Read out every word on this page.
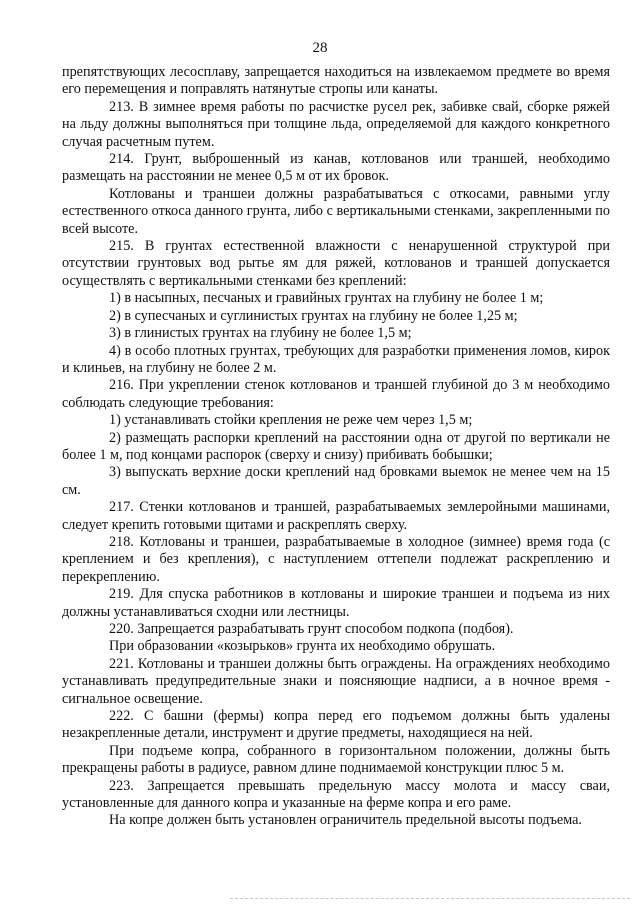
28

препятствующих лесосплаву, запрещается находиться на извлекаемом предмете во время его перемещения и поправлять натянутые стропы или канаты.

213. В зимнее время работы по расчистке русел рек, забивке свай, сборке ряжей на льду должны выполняться при толщине льда, определяемой для каждого конкретного случая расчетным путем.

214. Грунт, выброшенный из канав, котлованов или траншей, необходимо размещать на расстоянии не менее 0,5 м от их бровок.

Котлованы и траншеи должны разрабатываться с откосами, равными углу естественного откоса данного грунта, либо с вертикальными стенками, закрепленными по всей высоте.

215. В грунтах естественной влажности с ненарушенной структурой при отсутствии грунтовых вод рытье ям для ряжей, котлованов и траншей допускается осуществлять с вертикальными стенками без креплений:

1) в насыпных, песчаных и гравийных грунтах на глубину не более 1 м;

2) в супесчаных и суглинистых грунтах на глубину не более 1,25 м;

3) в глинистых грунтах на глубину не более 1,5 м;

4) в особо плотных грунтах, требующих для разработки применения ломов, кирок и клиньев, на глубину не более 2 м.

216. При укреплении стенок котлованов и траншей глубиной до 3 м необходимо соблюдать следующие требования:

1) устанавливать стойки крепления не реже чем через 1,5 м;

2) размещать распорки креплений на расстоянии одна от другой по вертикали не более 1 м, под концами распорок (сверху и снизу) прибивать бобышки;

3) выпускать верхние доски креплений над бровками выемок не менее чем на 15 см.

217. Стенки котлованов и траншей, разрабатываемых землеройными машинами, следует крепить готовыми щитами и раскреплять сверху.

218. Котлованы и траншеи, разрабатываемые в холодное (зимнее) время года (с креплением и без крепления), с наступлением оттепели подлежат раскреплению и перекреплению.

219. Для спуска работников в котлованы и широкие траншеи и подъема из них должны устанавливаться сходни или лестницы.

220. Запрещается разрабатывать грунт способом подкопа (подбоя).

При образовании «козырьков» грунта их необходимо обрушать.

221. Котлованы и траншеи должны быть ограждены. На ограждениях необходимо устанавливать предупредительные знаки и поясняющие надписи, а в ночное время - сигнальное освещение.

222. С башни (фермы) копра перед его подъемом должны быть удалены незакрепленные детали, инструмент и другие предметы, находящиеся на ней.

При подъеме копра, собранного в горизонтальном положении, должны быть прекращены работы в радиусе, равном длине поднимаемой конструкции плюс 5 м.

223. Запрещается превышать предельную массу молота и массу сваи, установленные для данного копра и указанные на ферме копра и его раме.

На копре должен быть установлен ограничитель предельной высоты подъема.
